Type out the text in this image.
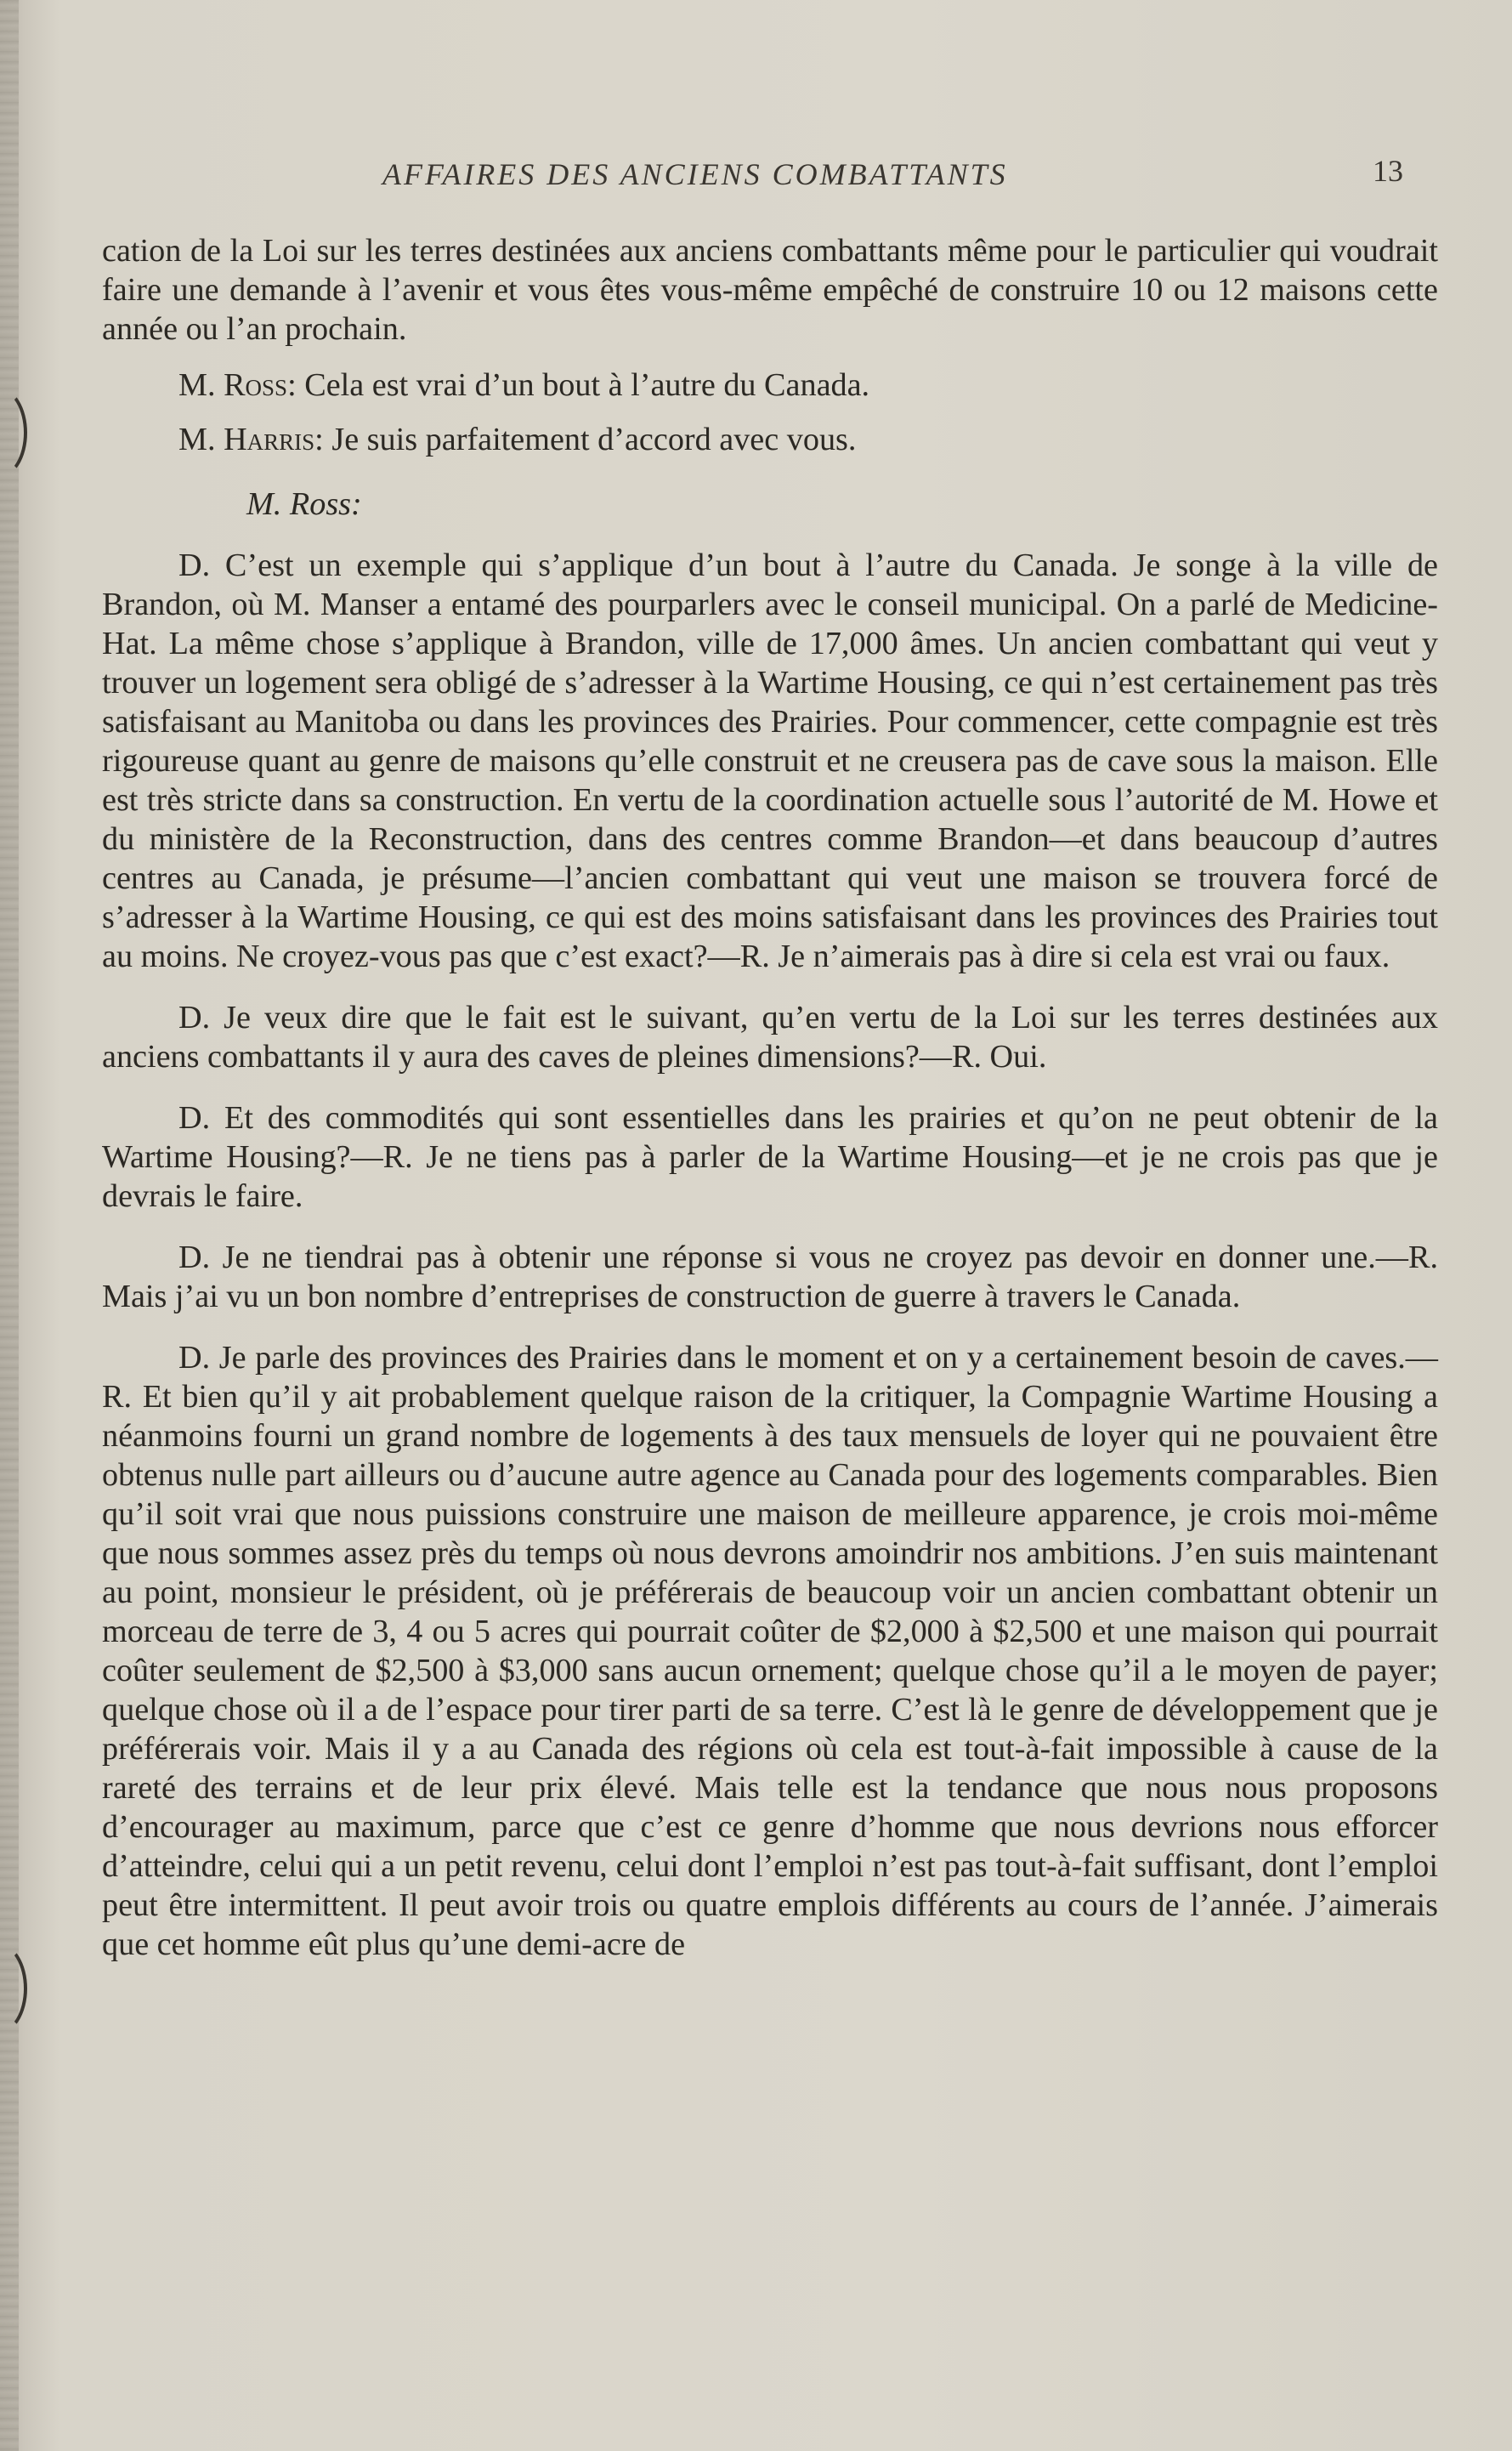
AFFAIRES DES ANCIENS COMBATTANTS	13

cation de la Loi sur les terres destinées aux anciens combattants même pour le particulier qui voudrait faire une demande à l’avenir et vous êtes vous-même empêché de construire 10 ou 12 maisons cette année ou l’an prochain.

M. Ross: Cela est vrai d’un bout à l’autre du Canada.

M. Harris: Je suis parfaitement d’accord avec vous.

M. Ross:

D. C’est un exemple qui s’applique d’un bout à l’autre du Canada. Je songe à la ville de Brandon, où M. Manser a entamé des pourparlers avec le conseil municipal. On a parlé de Medicine-Hat. La même chose s’applique à Brandon, ville de 17,000 âmes. Un ancien combattant qui veut y trouver un logement sera obligé de s’adresser à la Wartime Housing, ce qui n’est certainement pas très satisfaisant au Manitoba ou dans les provinces des Prairies. Pour commencer, cette compagnie est très rigoureuse quant au genre de maisons qu’elle construit et ne creusera pas de cave sous la maison. Elle est très stricte dans sa construction. En vertu de la coordination actuelle sous l’autorité de M. Howe et du ministère de la Reconstruction, dans des centres comme Brandon—et dans beaucoup d’autres centres au Canada, je présume—l’ancien combattant qui veut une maison se trouvera forcé de s’adresser à la Wartime Housing, ce qui est des moins satisfaisant dans les provinces des Prairies tout au moins. Ne croyez-vous pas que c’est exact?—R. Je n’aimerais pas à dire si cela est vrai ou faux.

D. Je veux dire que le fait est le suivant, qu’en vertu de la Loi sur les terres destinées aux anciens combattants il y aura des caves de pleines dimensions?—R. Oui.

D. Et des commodités qui sont essentielles dans les prairies et qu’on ne peut obtenir de la Wartime Housing?—R. Je ne tiens pas à parler de la Wartime Housing—et je ne crois pas que je devrais le faire.

D. Je ne tiendrai pas à obtenir une réponse si vous ne croyez pas devoir en donner une.—R. Mais j’ai vu un bon nombre d’entreprises de construction de guerre à travers le Canada.

D. Je parle des provinces des Prairies dans le moment et on y a certainement besoin de caves.—R. Et bien qu’il y ait probablement quelque raison de la critiquer, la Compagnie Wartime Housing a néanmoins fourni un grand nombre de logements à des taux mensuels de loyer qui ne pouvaient être obtenus nulle part ailleurs ou d’aucune autre agence au Canada pour des logements comparables. Bien qu’il soit vrai que nous puissions construire une maison de meilleure apparence, je crois moi-même que nous sommes assez près du temps où nous devrons amoindrir nos ambitions. J’en suis maintenant au point, monsieur le président, où je préférerais de beaucoup voir un ancien combattant obtenir un morceau de terre de 3, 4 ou 5 acres qui pourrait coûter de $2,000 à $2,500 et une maison qui pourrait coûter seulement de $2,500 à $3,000 sans aucun ornement; quelque chose qu’il a le moyen de payer; quelque chose où il a de l’espace pour tirer parti de sa terre. C’est là le genre de développement que je préférerais voir. Mais il y a au Canada des régions où cela est tout-à-fait impossible à cause de la rareté des terrains et de leur prix élevé. Mais telle est la tendance que nous nous proposons d’encourager au maximum, parce que c’est ce genre d’homme que nous devrions nous efforcer d’atteindre, celui qui a un petit revenu, celui dont l’emploi n’est pas tout-à-fait suffisant, dont l’emploi peut être intermittent. Il peut avoir trois ou quatre emplois différents au cours de l’année. J’aimerais que cet homme eût plus qu’une demi-acre de
